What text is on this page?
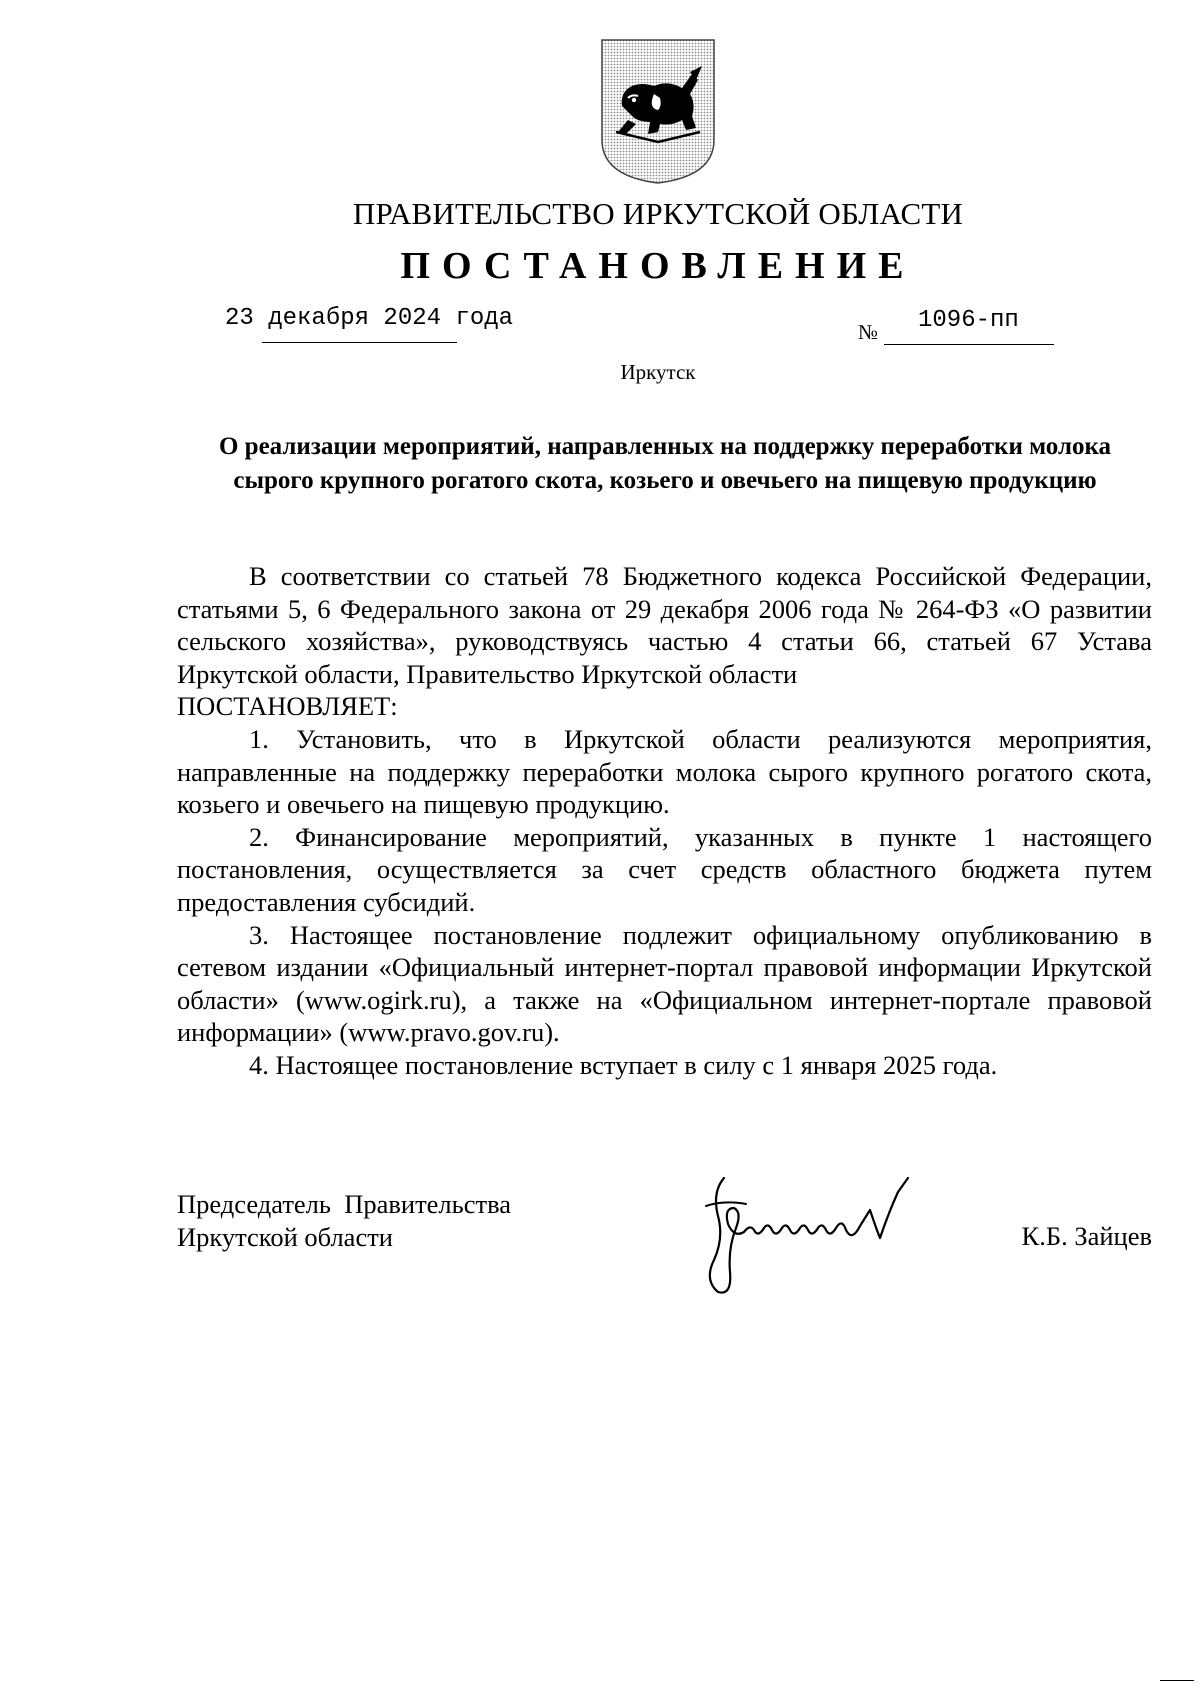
ПРАВИТЕЛЬСТВО ИРКУТСКОЙ ОБЛАСТИ
ПОСТАНОВЛЕНИЕ
23 декабря 2024 года	№ 1096-пп
Иркутск
О реализации мероприятий, направленных на поддержку переработки молока сырого крупного рогатого скота, козьего и овечьего на пищевую продукцию

В соответствии со статьей 78 Бюджетного кодекса Российской Федерации, статьями 5, 6 Федерального закона от 29 декабря 2006 года № 264-ФЗ «О развитии сельского хозяйства», руководствуясь частью 4 статьи 66, статьей 67 Устава Иркутской области, Правительство Иркутской области

ПОСТАНОВЛЯЕТ:

1. Установить, что в Иркутской области реализуются мероприятия, направленные на поддержку переработки молока сырого крупного рогатого скота, козьего и овечьего на пищевую продукцию.

2. Финансирование мероприятий, указанных в пункте 1 настоящего постановления, осуществляется за счет средств областного бюджета путем предоставления субсидий.

3. Настоящее постановление подлежит официальному опубликованию в сетевом издании «Официальный интернет-портал правовой информации Иркутской области» (www.ogirk.ru), а также на «Официальном интернет-портале правовой информации» (www.pravo.gov.ru).

4. Настоящее постановление вступает в силу с 1 января 2025 года.

Председатель  Правительства
Иркутской области	К.Б. Зайцев
